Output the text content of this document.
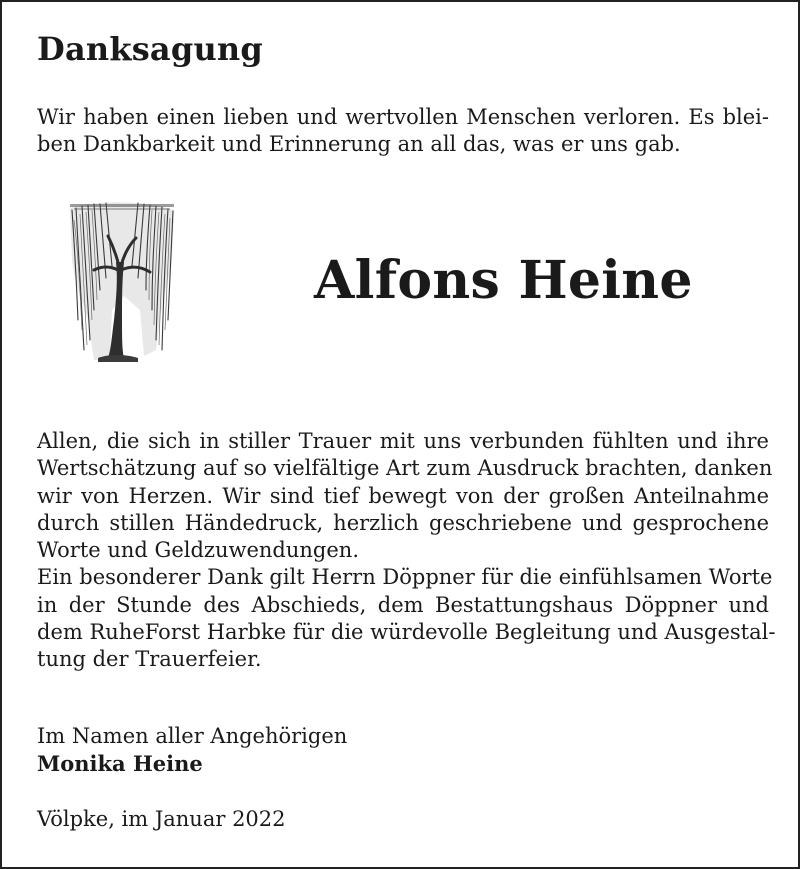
Danksagung

Wir haben einen lieben und wertvollen Menschen verloren. Es blei-
ben Dankbarkeit und Erinnerung an all das, was er uns gab.

Alfons Heine

Allen, die sich in stiller Trauer mit uns verbunden fühlten und ihre
Wertschätzung auf so vielfältige Art zum Ausdruck brachten, danken
wir von Herzen. Wir sind tief bewegt von der großen Anteilnahme
durch stillen Händedruck, herzlich geschriebene und gesprochene
Worte und Geldzuwendungen.
Ein besonderer Dank gilt Herrn Döppner für die einfühlsamen Worte
in der Stunde des Abschieds, dem Bestattungshaus Döppner und
dem RuheForst Harbke für die würdevolle Begleitung und Ausgestal-
tung der Trauerfeier.

Im Namen aller Angehörigen

Monika Heine

Völpke, im Januar 2022
